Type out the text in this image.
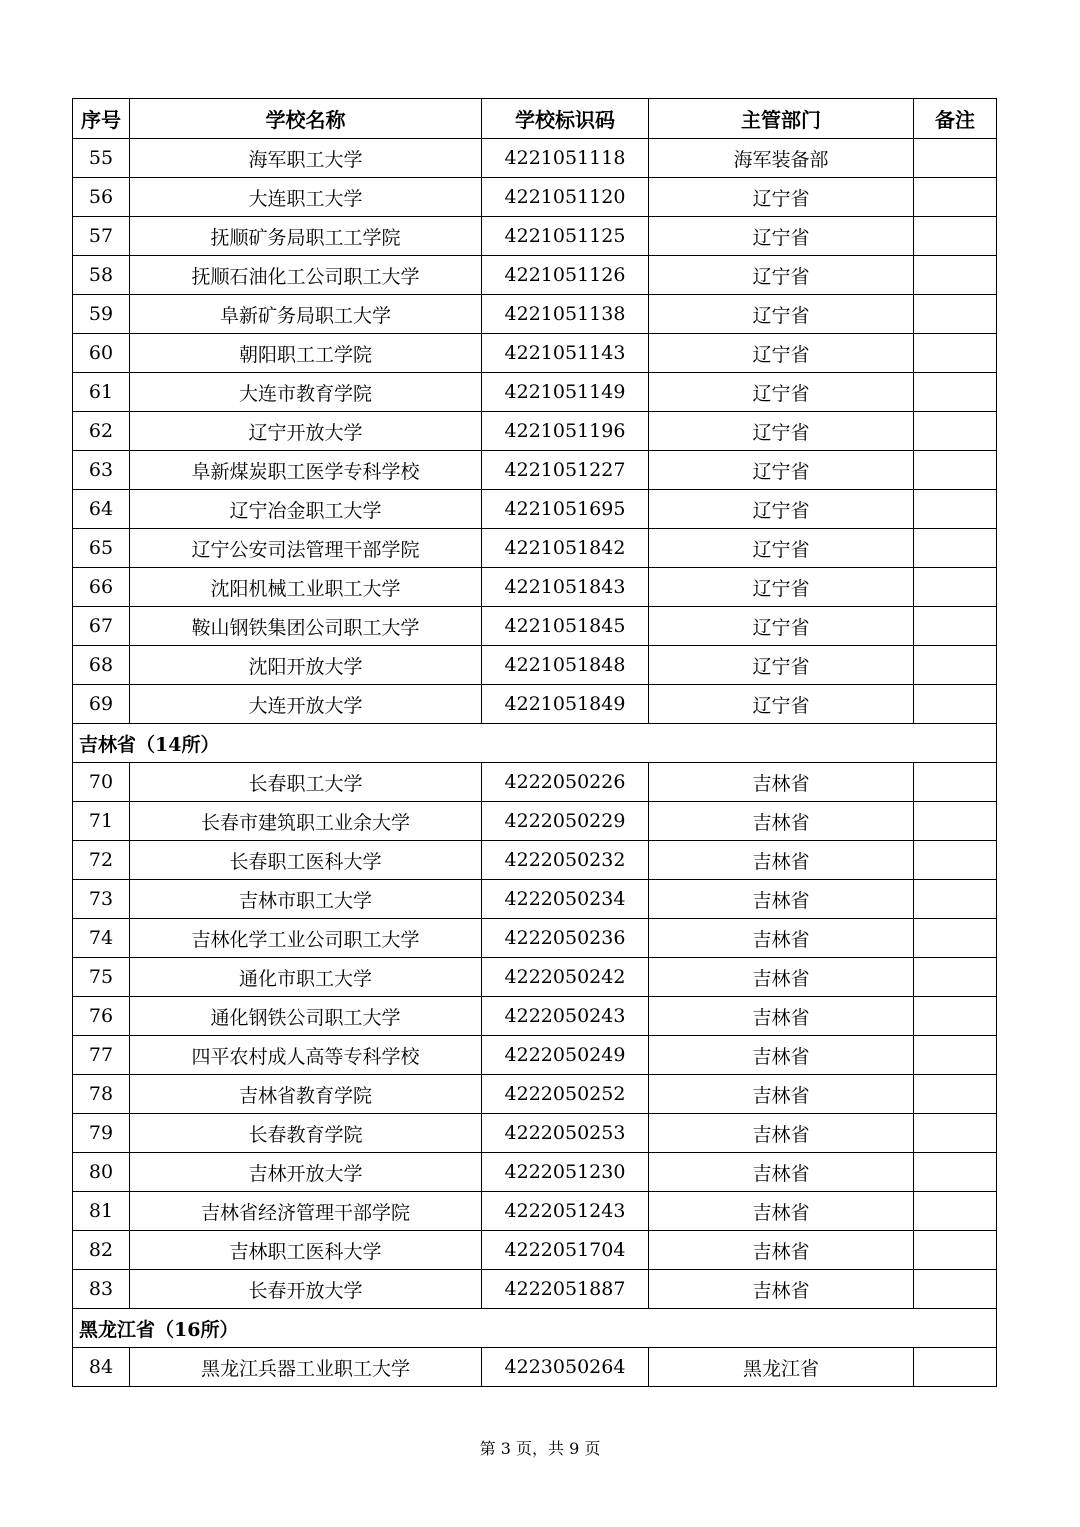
序号	学校名称	学校标识码	主管部门	备注
55	海军职工大学	4221051118	海军装备部	
56	大连职工大学	4221051120	辽宁省	
57	抚顺矿务局职工工学院	4221051125	辽宁省	
58	抚顺石油化工公司职工大学	4221051126	辽宁省	
59	阜新矿务局职工大学	4221051138	辽宁省	
60	朝阳职工工学院	4221051143	辽宁省	
61	大连市教育学院	4221051149	辽宁省	
62	辽宁开放大学	4221051196	辽宁省	
63	阜新煤炭职工医学专科学校	4221051227	辽宁省	
64	辽宁冶金职工大学	4221051695	辽宁省	
65	辽宁公安司法管理干部学院	4221051842	辽宁省	
66	沈阳机械工业职工大学	4221051843	辽宁省	
67	鞍山钢铁集团公司职工大学	4221051845	辽宁省	
68	沈阳开放大学	4221051848	辽宁省	
69	大连开放大学	4221051849	辽宁省	
吉林省（14所）				
70	长春职工大学	4222050226	吉林省	
71	长春市建筑职工业余大学	4222050229	吉林省	
72	长春职工医科大学	4222050232	吉林省	
73	吉林市职工大学	4222050234	吉林省	
74	吉林化学工业公司职工大学	4222050236	吉林省	
75	通化市职工大学	4222050242	吉林省	
76	通化钢铁公司职工大学	4222050243	吉林省	
77	四平农村成人高等专科学校	4222050249	吉林省	
78	吉林省教育学院	4222050252	吉林省	
79	长春教育学院	4222050253	吉林省	
80	吉林开放大学	4222051230	吉林省	
81	吉林省经济管理干部学院	4222051243	吉林省	
82	吉林职工医科大学	4222051704	吉林省	
83	长春开放大学	4222051887	吉林省	
黑龙江省（16所）				
84	黑龙江兵器工业职工大学	4223050264	黑龙江省	
第 3 页，共 9 页
